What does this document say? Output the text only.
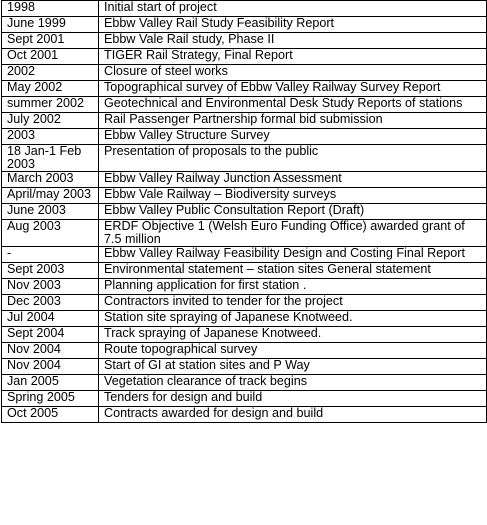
1998	Initial start of project
June 1999	Ebbw Valley Rail Study Feasibility Report
Sept 2001	Ebbw Vale Rail study, Phase II
Oct 2001	TIGER Rail Strategy, Final Report
2002	Closure of steel works
May 2002	Topographical survey of Ebbw Valley Railway Survey Report
summer 2002	Geotechnical and Environmental Desk Study Reports of stations
July 2002	Rail Passenger Partnership formal bid submission
2003	Ebbw Valley Structure Survey
18 Jan-1 Feb 2003	Presentation of proposals to the public
March 2003	Ebbw Valley Railway Junction Assessment
April/may 2003	Ebbw Vale Railway – Biodiversity surveys
June 2003	Ebbw Valley Public Consultation Report (Draft)
Aug 2003	ERDF Objective 1 (Welsh Euro Funding Office) awarded grant of 7.5 million
-	Ebbw Valley Railway Feasibility Design and Costing Final Report
Sept 2003	Environmental statement – station sites General statement
Nov 2003	Planning application for first station .
Dec 2003	Contractors invited to tender for the project
Jul 2004	Station site spraying of Japanese Knotweed.
Sept 2004	Track spraying of Japanese Knotweed.
Nov 2004	Route topographical survey
Nov 2004	Start of GI at station sites and P Way
Jan 2005	Vegetation clearance of track begins
Spring 2005	Tenders for design and build
Oct 2005	Contracts awarded for design and build
